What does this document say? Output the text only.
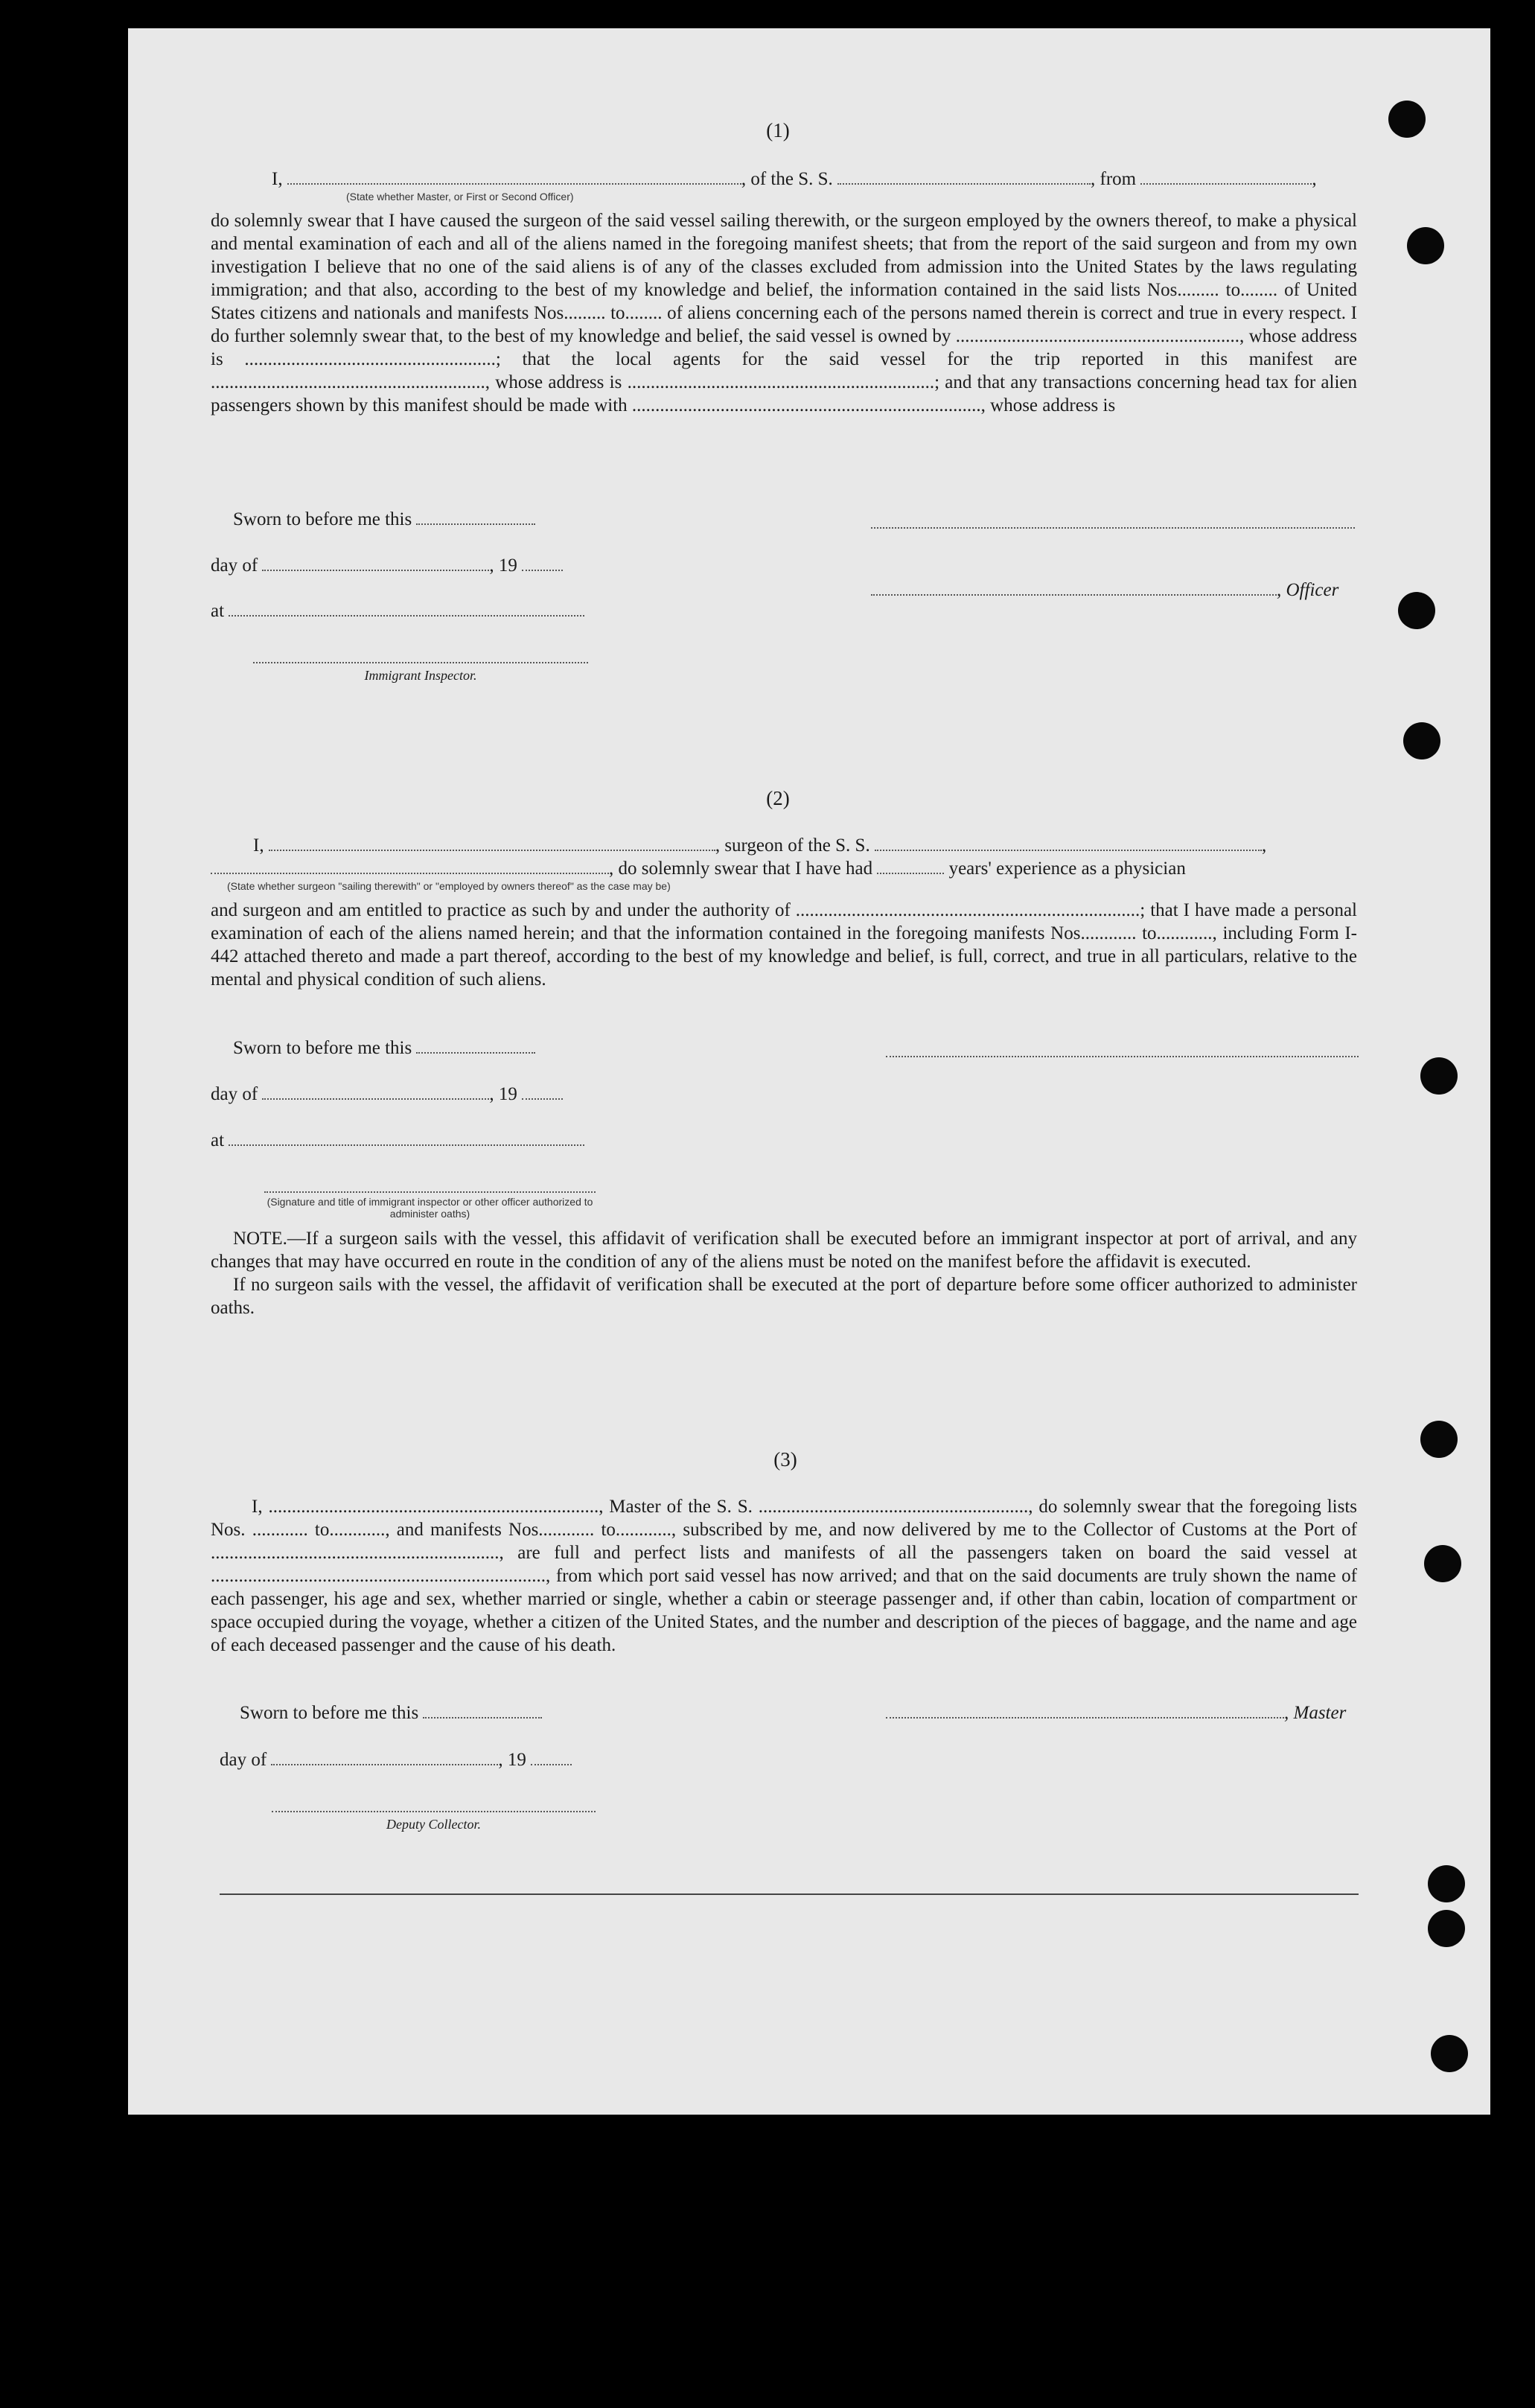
(1)
I,	, of the S. S.	, from	,
(State whether Master, or First or Second Officer)

do solemnly swear that I have caused the surgeon of the said vessel sailing therewith, or the surgeon employed by the owners thereof, to make a physical and mental examination of each and all of the aliens named in the foregoing manifest sheets; that from the report of the said surgeon and from my own investigation I believe that no one of the said aliens is of any of the classes excluded from admission into the United States by the laws regulating immigration; and that also, according to the best of my knowledge and belief, the information contained in the said lists Nos......... to........ of United States citizens and nationals and manifests Nos......... to........ of aliens concerning each of the persons named therein is correct and true in every respect. I do further solemnly swear that, to the best of my knowledge and belief, the said vessel is owned by ............................................................., whose address is ......................................................; that the local agents for the said vessel for the trip reported in this manifest are ..........................................................., whose address is ..................................................................; and that any transactions concerning head tax for alien passengers shown by this manifest should be made with ..........................................................................., whose address is

Sworn to before me this
day of	, 19
at
, Officer
Immigrant Inspector.
(2)
I,	, surgeon of the S. S.	,
, do solemnly swear that I have had	years' experience as a physician
(State whether surgeon "sailing therewith" or "employed by owners thereof" as the case may be)

and surgeon and am entitled to practice as such by and under the authority of ..........................................................................; that I have made a personal examination of each of the aliens named herein; and that the information contained in the foregoing manifests Nos............ to............, including Form I-442 attached thereto and made a part thereof, according to the best of my knowledge and belief, is full, correct, and true in all particulars, relative to the mental and physical condition of such aliens.

Sworn to before me this
day of	, 19
at
(Signature and title of immigrant inspector or other officer authorized to administer oaths)

NOTE.—If a surgeon sails with the vessel, this affidavit of verification shall be executed before an immigrant inspector at port of arrival, and any changes that may have occurred en route in the condition of any of the aliens must be noted on the manifest before the affidavit is executed.

If no surgeon sails with the vessel, the affidavit of verification shall be executed at the port of departure before some officer authorized to administer oaths.

(3)

I, ......................................................................., Master of the S. S. .........................................................., do solemnly swear that the foregoing lists Nos. ............ to............, and manifests Nos............ to............, subscribed by me, and now delivered by me to the Collector of Customs at the Port of .............................................................., are full and perfect lists and manifests of all the passengers taken on board the said vessel at ........................................................................, from which port said vessel has now arrived; and that on the said documents are truly shown the name of each passenger, his age and sex, whether married or single, whether a cabin or steerage passenger and, if other than cabin, location of compartment or space occupied during the voyage, whether a citizen of the United States, and the number and description of the pieces of baggage, and the name and age of each deceased passenger and the cause of his death.

Sworn to before me this	, Master
day of	, 19
Deputy Collector.
